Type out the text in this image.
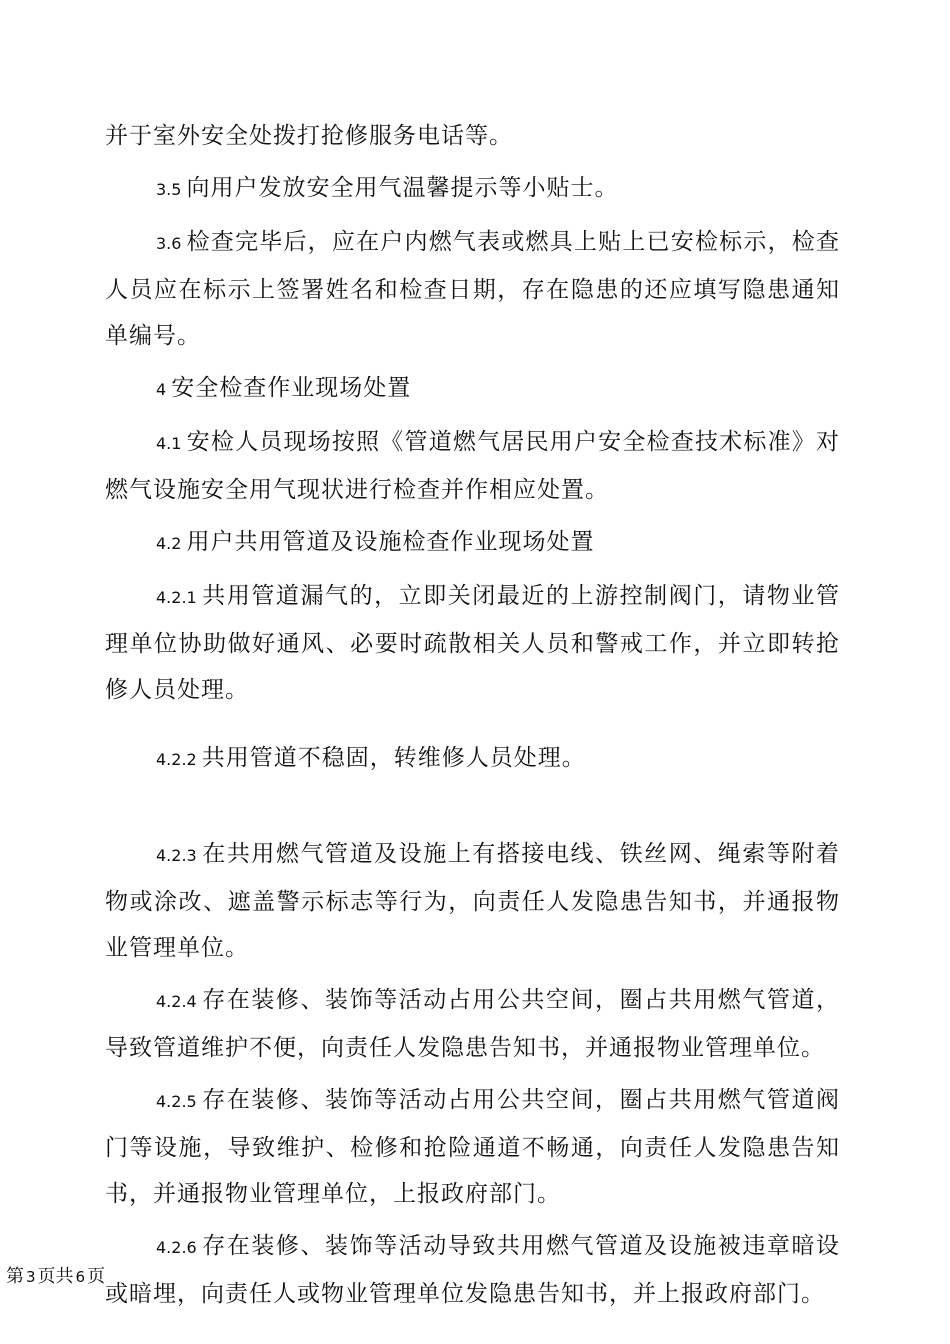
并于室外安全处拨打抢修服务电话等。

3.5 向用户发放安全用气温馨提示等小贴士。

3.6 检查完毕后，应在户内燃气表或燃具上贴上已安检标示，检查人员应在标示上签署姓名和检查日期，存在隐患的还应填写隐患通知单编号。

4 安全检查作业现场处置

4.1 安检人员现场按照《管道燃气居民用户安全检查技术标准》对燃气设施安全用气现状进行检查并作相应处置。

4.2 用户共用管道及设施检查作业现场处置

4.2.1 共用管道漏气的，立即关闭最近的上游控制阀门，请物业管理单位协助做好通风、必要时疏散相关人员和警戒工作，并立即转抢修人员处理。

4.2.2 共用管道不稳固，转维修人员处理。

4.2.3 在共用燃气管道及设施上有搭接电线、铁丝网、绳索等附着物或涂改、遮盖警示标志等行为，向责任人发隐患告知书，并通报物业管理单位。

4.2.4 存在装修、装饰等活动占用公共空间，圈占共用燃气管道，导致管道维护不便，向责任人发隐患告知书，并通报物业管理单位。

4.2.5 存在装修、装饰等活动占用公共空间，圈占共用燃气管道阀门等设施，导致维护、检修和抢险通道不畅通，向责任人发隐患告知书，并通报物业管理单位，上报政府部门。

4.2.6 存在装修、装饰等活动导致共用燃气管道及设施被违章暗设或暗埋，向责任人或物业管理单位发隐患告知书，并上报政府部门。

第 3 页共 6 页
